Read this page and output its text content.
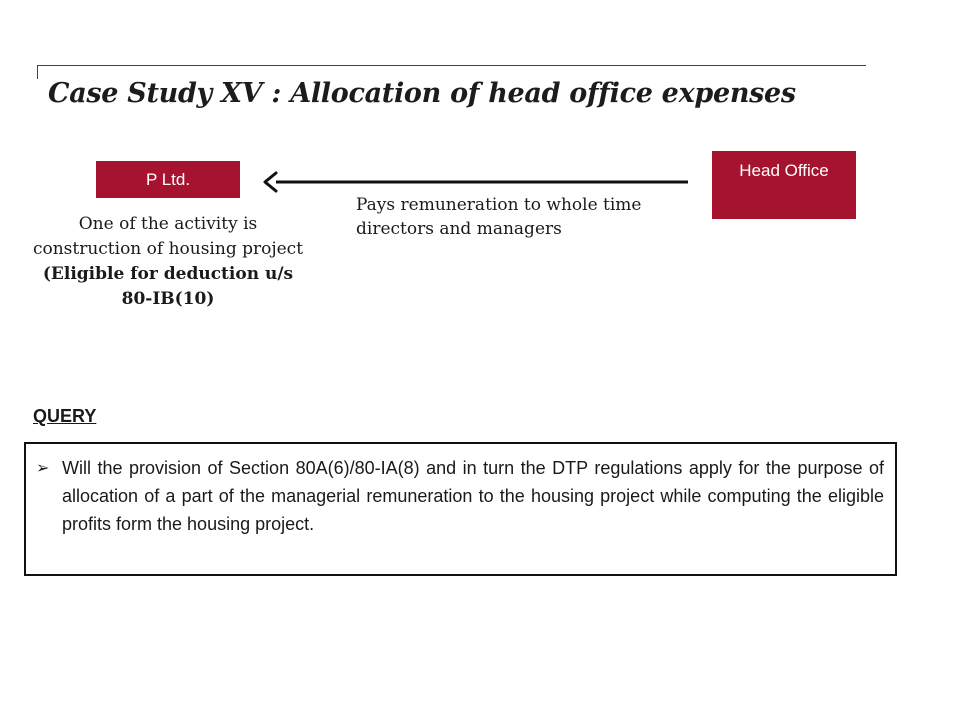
Case Study XV : Allocation of head office expenses
P Ltd.	Head Office
Pays remuneration to whole time directors and managers
One of the activity is construction of housing project
(Eligible for deduction u/s 80-IB(10)
QUERY
➢ Will the provision of Section 80A(6)/80-IA(8) and in turn the DTP regulations apply for the purpose of allocation of a part of the managerial remuneration to the housing project while computing the eligible profits form the housing project.
